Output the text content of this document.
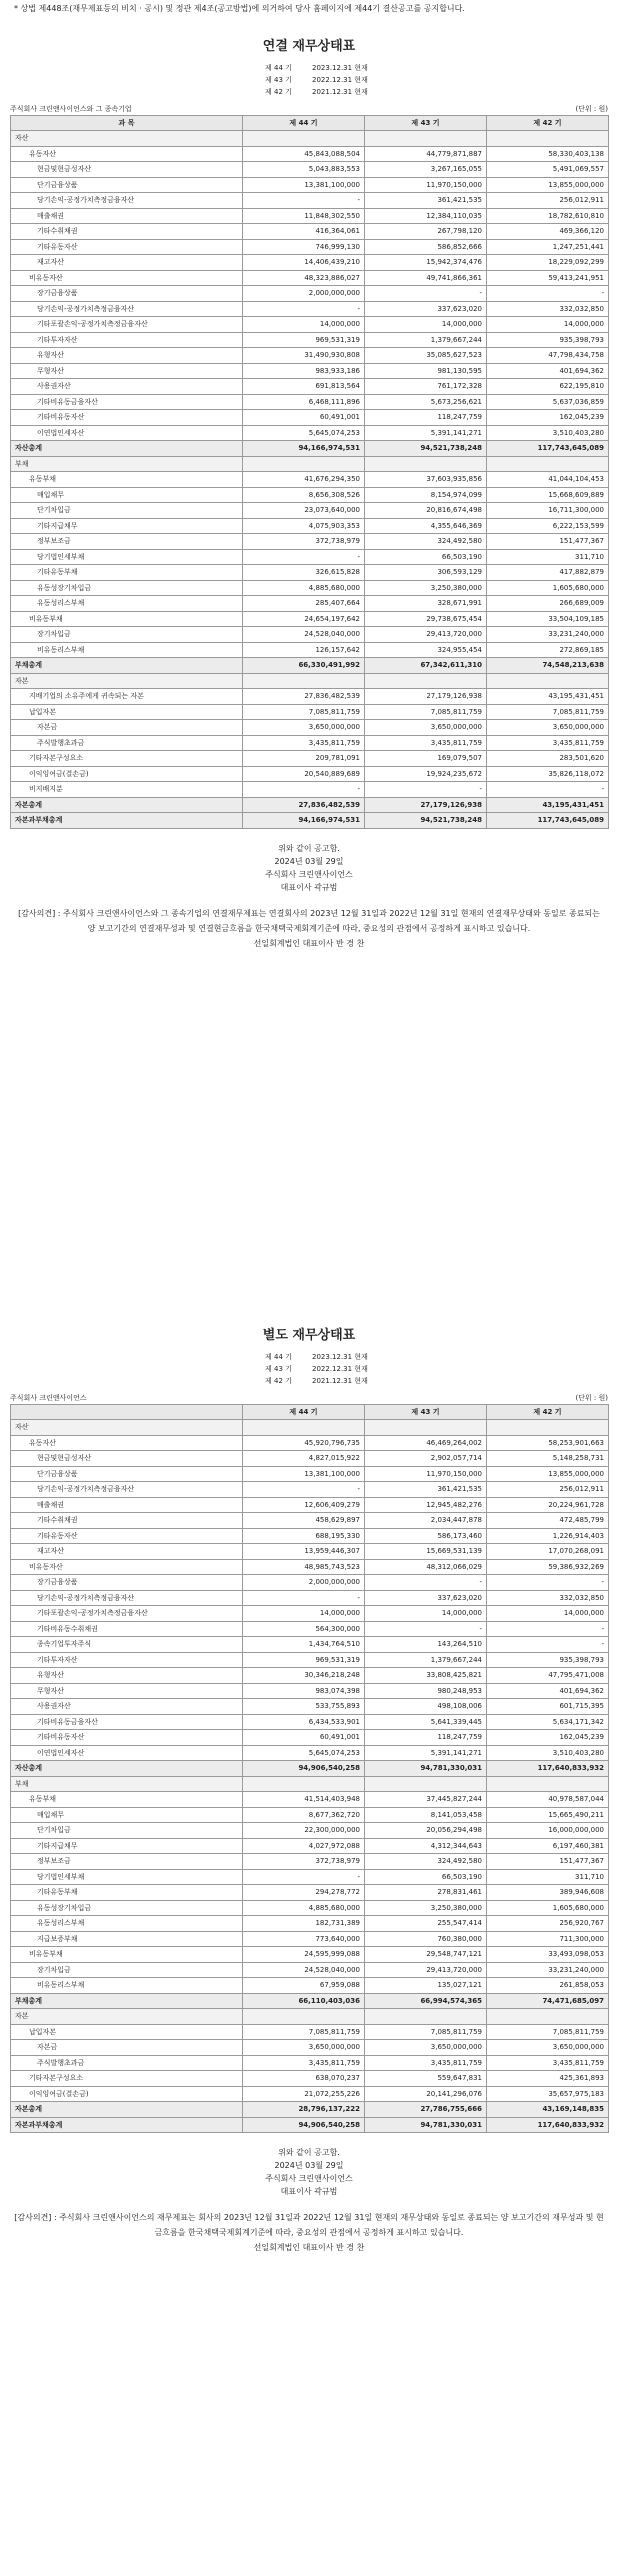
* 상법 제448조(재무제표등의 비치 · 공시) 및 정관 제4조(공고방법)에 의거하여 당사 홈페이지에 제44기 결산공고를 공지합니다.
연결 재무상태표
제 44 기	2023.12.31 현재
제 43 기	2022.12.31 현재
제 42 기	2021.12.31 현재
주식회사 크린앤사이언스와 그 종속기업	(단위 : 원)
과 목	제 44 기	제 43 기	제 42 기
자산			
유동자산	45,843,088,504	44,779,871,887	58,330,403,138
현금및현금성자산	5,043,883,553	3,267,165,055	5,491,069,557
단기금융상품	13,381,100,000	11,970,150,000	13,855,000,000
당기손익-공정가치측정금융자산	-	361,421,535	256,012,911
매출채권	11,848,302,550	12,384,110,035	18,782,610,810
기타수취채권	416,364,061	267,798,120	469,366,120
기타유동자산	746,999,130	586,852,666	1,247,251,441
재고자산	14,406,439,210	15,942,374,476	18,229,092,299
비유동자산	48,323,886,027	49,741,866,361	59,413,241,951
장기금융상품	2,000,000,000	-	-
당기손익-공정가치측정금융자산	-	337,623,020	332,032,850
기타포괄손익-공정가치측정금융자산	14,000,000	14,000,000	14,000,000
기타투자자산	969,531,319	1,379,667,244	935,398,793
유형자산	31,490,930,808	35,085,627,523	47,798,434,758
무형자산	983,933,186	981,130,595	401,694,362
사용권자산	691,813,564	761,172,328	622,195,810
기타비유동금융자산	6,468,111,896	5,673,256,621	5,637,036,859
기타비유동자산	60,491,001	118,247,759	162,045,239
이연법인세자산	5,645,074,253	5,391,141,271	3,510,403,280
자산총계	94,166,974,531	94,521,738,248	117,743,645,089
부채			
유동부채	41,676,294,350	37,603,935,856	41,044,104,453
매입채무	8,656,308,526	8,154,974,099	15,668,609,889
단기차입금	23,073,640,000	20,816,674,498	16,711,300,000
기타지급채무	4,075,903,353	4,355,646,369	6,222,153,599
정부보조금	372,738,979	324,492,580	151,477,367
당기법인세부채	-	66,503,190	311,710
기타유동부채	326,615,828	306,593,129	417,882,879
유동성장기차입금	4,885,680,000	3,250,380,000	1,605,680,000
유동성리스부채	285,407,664	328,671,991	266,689,009
비유동부채	24,654,197,642	29,738,675,454	33,504,109,185
장기차입금	24,528,040,000	29,413,720,000	33,231,240,000
비유동리스부채	126,157,642	324,955,454	272,869,185
부채총계	66,330,491,992	67,342,611,310	74,548,213,638
자본			
지배기업의 소유주에게 귀속되는 자본	27,836,482,539	27,179,126,938	43,195,431,451
납입자본	7,085,811,759	7,085,811,759	7,085,811,759
자본금	3,650,000,000	3,650,000,000	3,650,000,000
주식발행초과금	3,435,811,759	3,435,811,759	3,435,811,759
기타자본구성요소	209,781,091	169,079,507	283,501,620
이익잉여금(결손금)	20,540,889,689	19,924,235,672	35,826,118,072
비지배지분	-	-	-
자본총계	27,836,482,539	27,179,126,938	43,195,431,451
자본과부채총계	94,166,974,531	94,521,738,248	117,743,645,089
위와 같이 공고함.
2024년 03월 29일
주식회사 크린앤사이언스
대표이사 곽규범
[감사의견] : 주식회사 크린앤사이언스와 그 종속기업의 연결재무제표는 연결회사의 2023년 12월 31일과 2022년 12월 31일 현재의 연결재무상태와 동일로 종료되는 양 보고기간의 연결재무성과 및 연결현금흐름을 한국채택국제회계기준에 따라, 중요성의 관점에서 공정하게 표시하고 있습니다.
선일회계법인 대표이사 반 경 찬
별도 재무상태표
제 44 기	2023.12.31 현재
제 43 기	2022.12.31 현재
제 42 기	2021.12.31 현재
주식회사 크린앤사이언스	(단위 : 원)
	제 44 기	제 43 기	제 42 기
자산			
유동자산	45,920,796,735	46,469,264,002	58,253,901,663
현금및현금성자산	4,827,015,922	2,902,057,714	5,148,258,731
단기금융상품	13,381,100,000	11,970,150,000	13,855,000,000
당기손익-공정가치측정금융자산	-	361,421,535	256,012,911
매출채권	12,606,409,279	12,945,482,276	20,224,961,728
기타수취채권	458,629,897	2,034,447,878	472,485,799
기타유동자산	688,195,330	586,173,460	1,226,914,403
재고자산	13,959,446,307	15,669,531,139	17,070,268,091
비유동자산	48,985,743,523	48,312,066,029	59,386,932,269
장기금융상품	2,000,000,000	-	-
당기손익-공정가치측정금융자산	-	337,623,020	332,032,850
기타포괄손익-공정가치측정금융자산	14,000,000	14,000,000	14,000,000
기타비유동수취채권	564,300,000	-	-
종속기업투자주식	1,434,764,510	143,264,510	-
기타투자자산	969,531,319	1,379,667,244	935,398,793
유형자산	30,346,218,248	33,808,425,821	47,795,471,008
무형자산	983,074,398	980,248,953	401,694,362
사용권자산	533,755,893	498,108,006	601,715,395
기타비유동금융자산	6,434,533,901	5,641,339,445	5,634,171,342
기타비유동자산	60,491,001	118,247,759	162,045,239
이연법인세자산	5,645,074,253	5,391,141,271	3,510,403,280
자산총계	94,906,540,258	94,781,330,031	117,640,833,932
부채			
유동부채	41,514,403,948	37,445,827,244	40,978,587,044
매입채무	8,677,362,720	8,141,053,458	15,665,490,211
단기차입금	22,300,000,000	20,056,294,498	16,000,000,000
기타지급채무	4,027,972,088	4,312,344,643	6,197,460,381
정부보조금	372,738,979	324,492,580	151,477,367
당기법인세부채	-	66,503,190	311,710
기타유동부채	294,278,772	278,831,461	389,946,608
유동성장기차입금	4,885,680,000	3,250,380,000	1,605,680,000
유동성리스부채	182,731,389	255,547,414	256,920,767
지급보증부채	773,640,000	760,380,000	711,300,000
비유동부채	24,595,999,088	29,548,747,121	33,493,098,053
장기차입금	24,528,040,000	29,413,720,000	33,231,240,000
비유동리스부채	67,959,088	135,027,121	261,858,053
부채총계	66,110,403,036	66,994,574,365	74,471,685,097
자본			
납입자본	7,085,811,759	7,085,811,759	7,085,811,759
자본금	3,650,000,000	3,650,000,000	3,650,000,000
주식발행초과금	3,435,811,759	3,435,811,759	3,435,811,759
기타자본구성요소	638,070,237	559,647,831	425,361,893
이익잉여금(결손금)	21,072,255,226	20,141,296,076	35,657,975,183
자본총계	28,796,137,222	27,786,755,666	43,169,148,835
자본과부채총계	94,906,540,258	94,781,330,031	117,640,833,932
위와 같이 공고함.
2024년 03월 29일
주식회사 크린앤사이언스
대표이사 곽규범
[감사의견] : 주식회사 크린앤사이언스의 재무제표는 회사의 2023년 12월 31일과 2022년 12월 31일 현재의 재무상태와 동일로 종료되는 양 보고기간의 재무성과 및 현금흐름을 한국채택국제회계기준에 따라, 중요성의 관점에서 공정하게 표시하고 있습니다.
선일회계법인 대표이사 반 경 찬
